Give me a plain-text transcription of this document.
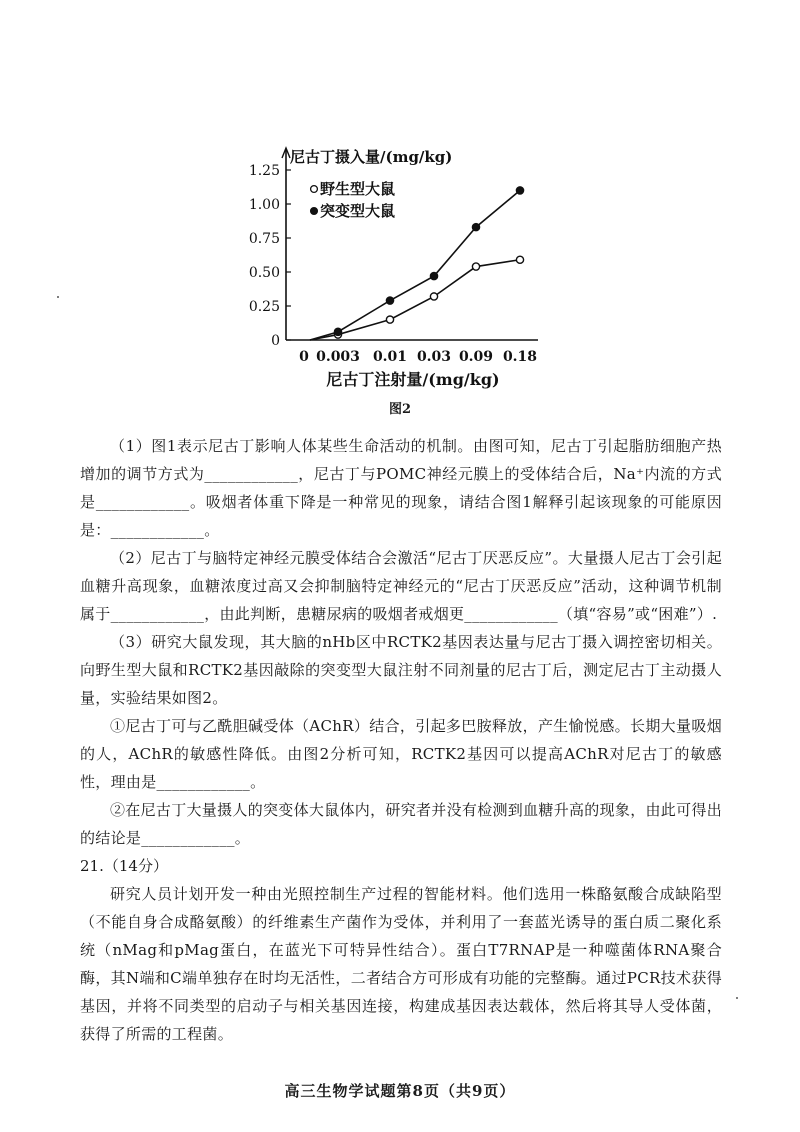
0
0.25
0.50
0.75
1.00
1.25
0 0.003 0.01 0.03 0.09 0.18
尼古丁摄入量/(mg/kg)
尼古丁注射量/(mg/kg)
野生型大鼠
突变型大鼠
图2

（1）图1表示尼古丁影响人体某些生命活动的机制。由图可知，尼古丁引起脂肪细胞产热增加的调节方式为____________，尼古丁与POMC神经元膜上的受体结合后，Na⁺内流的方式是____________。吸烟者体重下降是一种常见的现象，请结合图1解释引起该现象的可能原因是：____________。

（2）尼古丁与脑特定神经元膜受体结合会激活“尼古丁厌恶反应”。大量摄人尼古丁会引起血糖升高现象，血糖浓度过高又会抑制脑特定神经元的“尼古丁厌恶反应”活动，这种调节机制属于____________，由此判断，患糖尿病的吸烟者戒烟更____________（填“容易”或“困难”）.

（3）研究大鼠发现，其大脑的nHb区中RCTK2基因表达量与尼古丁摄入调控密切相关。向野生型大鼠和RCTK2基因敲除的突变型大鼠注射不同剂量的尼古丁后，测定尼古丁主动摄人量，实验结果如图2。

①尼古丁可与乙酰胆碱受体（AChR）结合，引起多巴胺释放，产生愉悦感。长期大量吸烟的人，AChR的敏感性降低。由图2分析可知，RCTK2基因可以提高AChR对尼古丁的敏感性，理由是____________。

②在尼古丁大量摄人的突变体大鼠体内，研究者并没有检测到血糖升高的现象，由此可得出的结论是____________。

21.（14分）

研究人员计划开发一种由光照控制生产过程的智能材料。他们选用一株酪氨酸合成缺陷型（不能自身合成酪氨酸）的纤维素生产菌作为受体，并利用了一套蓝光诱导的蛋白质二聚化系统（nMag和pMag蛋白，在蓝光下可特异性结合）。蛋白T7RNAP是一种噬菌体RNA聚合酶，其N端和C端单独存在时均无活性，二者结合方可形成有功能的完整酶。通过PCR技术获得基因，并将不同类型的启动子与相关基因连接，构建成基因表达载体，然后将其导人受体菌，获得了所需的工程菌。

高三生物学试题第8页（共9页）
